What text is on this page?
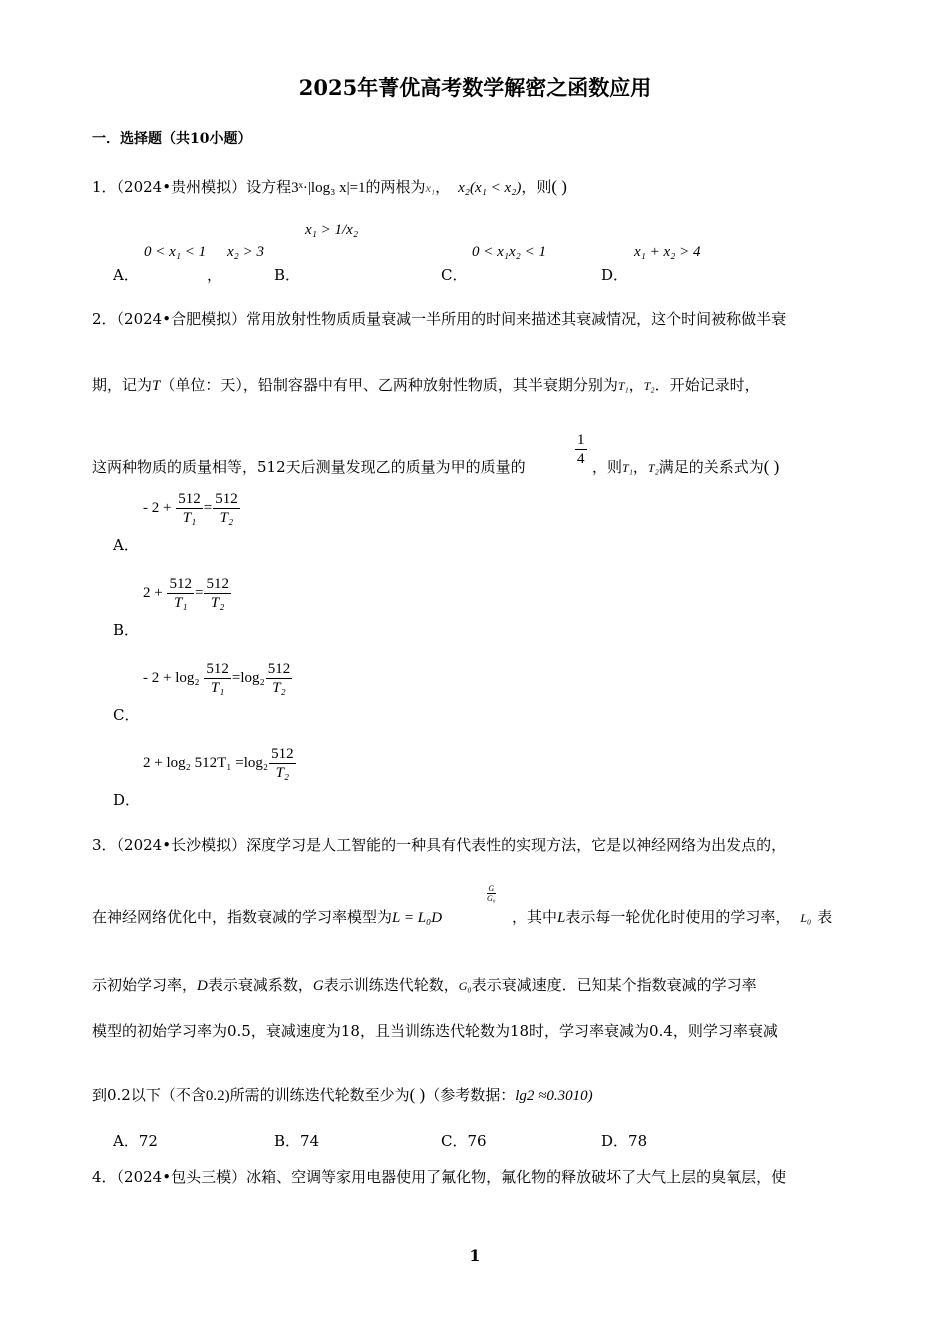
2025年菁优高考数学解密之函数应用
一．选择题（共10小题）
1．（2024•贵州模拟）设方程3ˣ·|log₃ x|=1的两根为x₁， x₂(x₁ < x₂)，则( )
A．
0 < x₁ < 1
，
x₂ > 3
B．
x₁ > 1/x₂
C．
0 < x₁x₂ < 1
D．
x₁ + x₂ > 4
2．（2024•合肥模拟）常用放射性物质质量衰减一半所用的时间来描述其衰减情况，这个时间被称做半衰
期，记为T（单位：天），铅制容器中有甲、乙两种放射性物质，其半衰期分别为T₁，T₂．开始记录时，
这两种物质的质量相等，512天后测量发现乙的质量为甲的质量的	$\frac{1}{4}$ ，则T₁，T₂满足的关系式为( )
- $2 + \frac{512}{\text{T₁}} = \frac{512}{\text{T₂}}$
A．
$2 + \frac{512}{\text{T₁}} = \frac{512}{\text{T₂}}$
B．
- $2 + \log_2 \frac{512}{\text{T₁}} =\log_2 \frac{512}{\text{T₂}}$
C．
2 + log₂ $512T_1 =\log_2 \frac{512}{\text{T₂}}$
D．
3．（2024•长沙模拟）深度学习是人工智能的一种具有代表性的实现方法，它是以神经网络为出发点的，
在神经网络优化中，指数衰减的学习率模型为L = L₀D
$\frac{G}{\text{G₀}}$
，其中L表示每一轮优化时使用的学习率， L₀ 表
示初始学习率，D表示衰减系数，G表示训练迭代轮数，G₀表示衰减速度．已知某个指数衰减的学习率
模型的初始学习率为0.5，衰减速度为18，且当训练迭代轮数为18时，学习率衰减为0.4，则学习率衰减
到0.2以下（不含0.2)所需的训练迭代轮数至少为( )（参考数据：lg2 ≈0.3010)
A．72	B．74	C．76	D．78
4．（2024•包头三模）冰箱、空调等家用电器使用了氟化物，氟化物的释放破坏了大气上层的臭氧层，使
1
